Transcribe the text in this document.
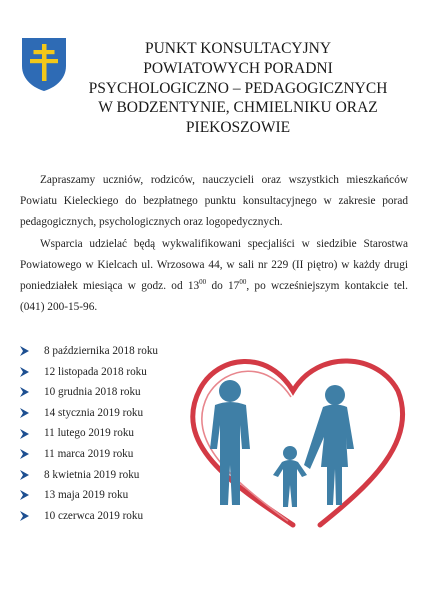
PUNKT KONSULTACYJNY
POWIATOWYCH PORADNI
PSYCHOLOGICZNO – PEDAGOGICZNYCH
W BODZENTYNIE, CHMIELNIKU ORAZ
PIEKOSZOWIE

Zapraszamy uczniów, rodziców, nauczycieli oraz wszystkich mieszkańców Powiatu Kieleckiego do bezpłatnego punktu konsultacyjnego w zakresie porad pedagogicznych, psychologicznych oraz logopedycznych.

Wsparcia udzielać będą wykwalifikowani specjaliści w siedzibie Starostwa Powiatowego w Kielcach ul. Wrzosowa 44, w sali nr 229 (II piętro) w każdy drugi poniedziałek miesiąca w godz. od $13^{00}$ do $17^{00}$, po wcześniejszym kontakcie tel. (041) 200-15-96.

8 października 2018 roku
12 listopada 2018 roku
10 grudnia 2018 roku
14 stycznia 2019 roku
11 lutego 2019 roku
11 marca 2019 roku
8 kwietnia 2019 roku
13 maja 2019 roku
10 czerwca 2019 roku
